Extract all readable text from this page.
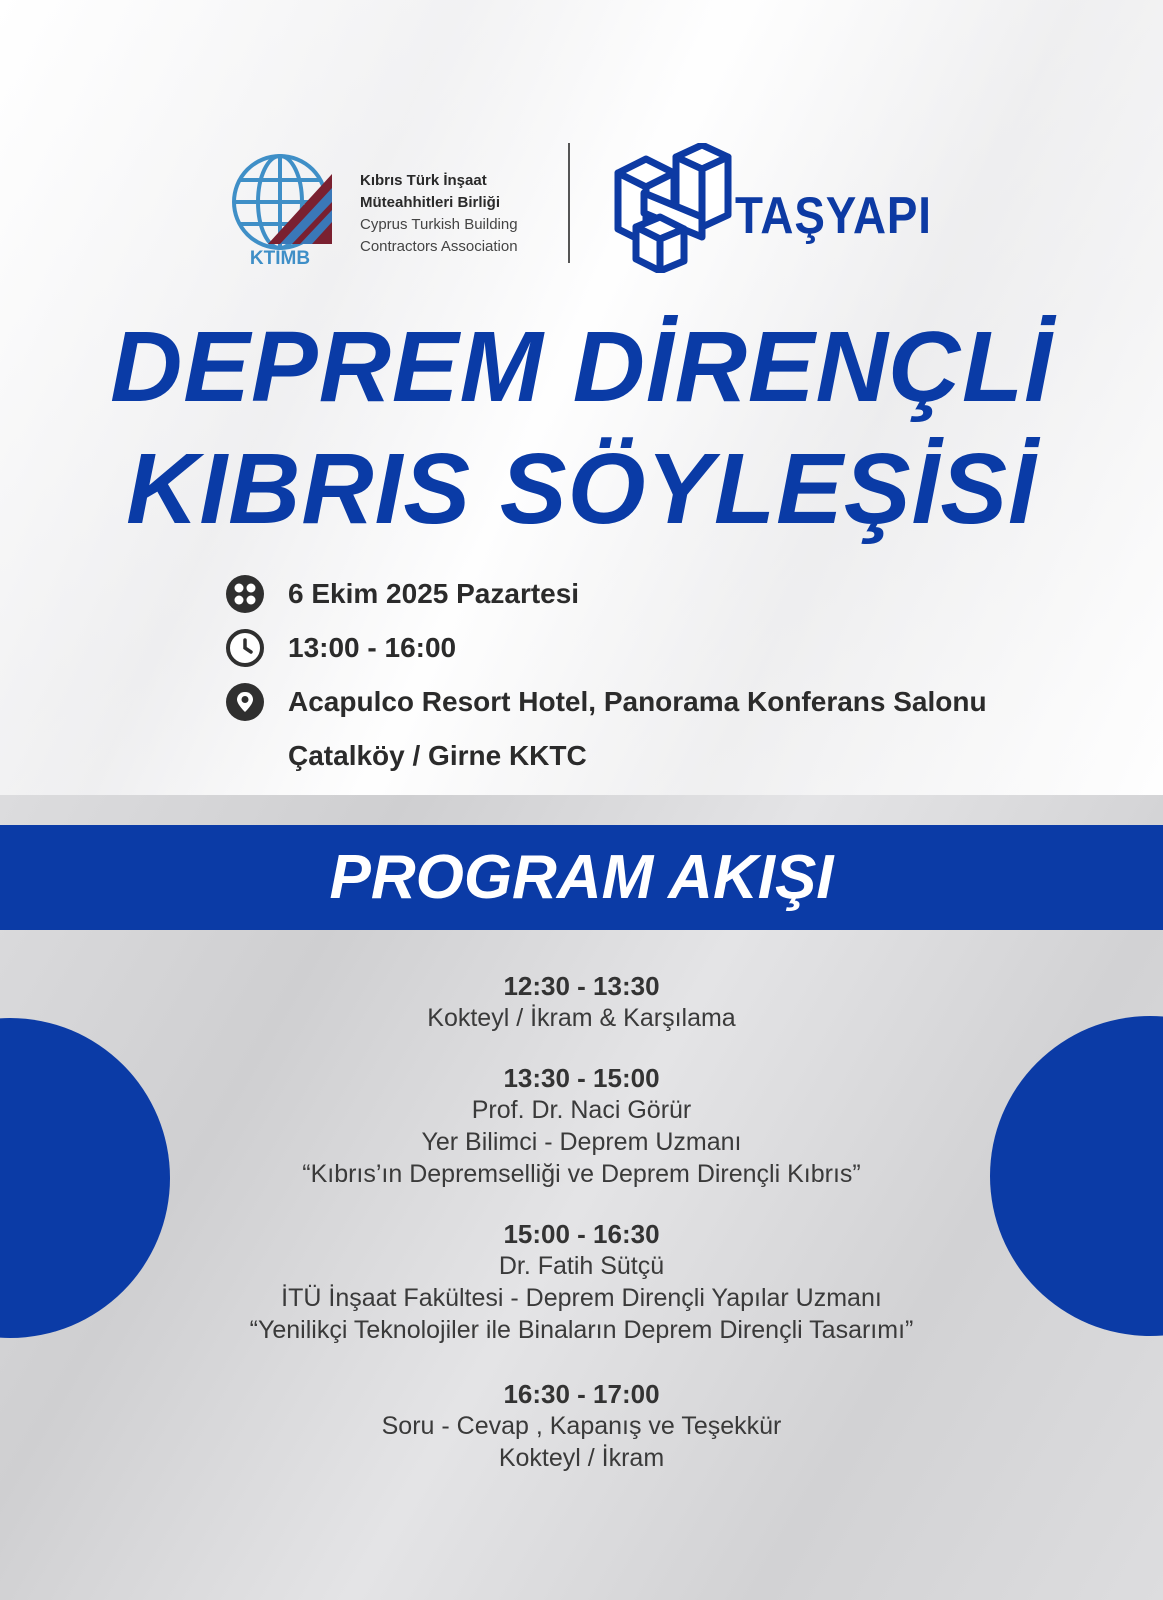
KTİMB
Kıbrıs Türk İnşaat
Müteahhitleri Birliği
Cyprus Turkish Building
Contractors Association
TAŞYAPI
DEPREM DİRENÇLİ
KIBRIS SÖYLEŞİSİ
6 Ekim 2025 Pazartesi
13:00 - 16:00
Acapulco Resort Hotel, Panorama Konferans Salonu
Çatalköy / Girne KKTC
PROGRAM AKIŞI
12:30 - 13:30
Kokteyl / İkram & Karşılama
13:30 - 15:00
Prof. Dr. Naci Görür
Yer Bilimci - Deprem Uzmanı
“Kıbrıs’ın Depremselliği ve Deprem Dirençli Kıbrıs”
15:00 - 16:30
Dr. Fatih Sütçü
İTÜ İnşaat Fakültesi - Deprem Dirençli Yapılar Uzmanı
“Yenilikçi Teknolojiler ile Binaların Deprem Dirençli Tasarımı”
16:30 - 17:00
Soru - Cevap , Kapanış ve Teşekkür
Kokteyl / İkram
